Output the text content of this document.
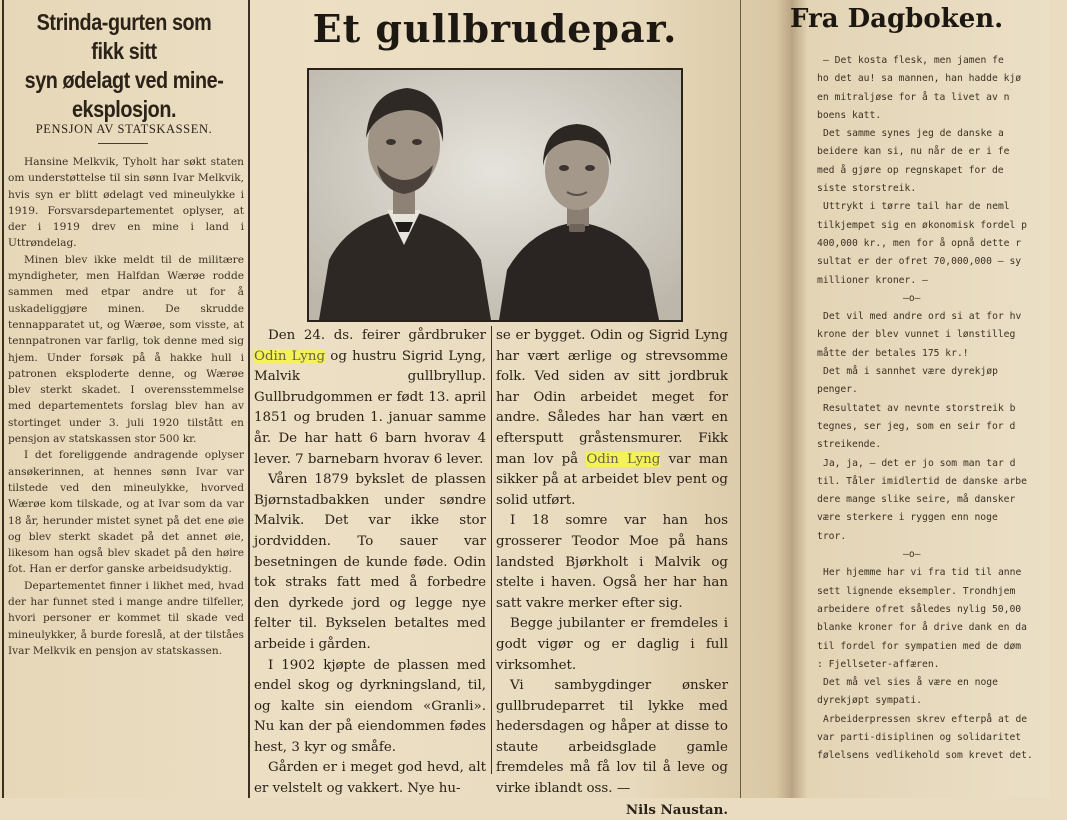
Strinda-gurten som fikk sitt
syn ødelagt ved mine-
eksplosjon.
PENSJON AV STATSKASSEN.

Hansine Melkvik, Tyholt har søkt staten om understøttelse til sin sønn Ivar Melkvik, hvis syn er blitt ødelagt ved mineulykke i 1919. Forsvarsdepartementet oplyser, at der i 1919 drev en mine i land i Uttrøndelag.

Minen blev ikke meldt til de militære myndigheter, men Halfdan Wærøe rodde sammen med etpar andre ut for å uskadeliggjøre minen. De skrudde tennapparatet ut, og Wærøe, som visste, at tennpatronen var farlig, tok denne med sig hjem. Under forsøk på å hakke hull i patronen eksploderte denne, og Wærøe blev sterkt skadet. I overensstemmelse med departementets forslag blev han av stortinget under 3. juli 1920 tilstått en pensjon av statskassen stor 500 kr.

I det foreliggende andragende oplyser ansøkerinnen, at hennes sønn Ivar var tilstede ved den mineulykke, hvorved Wærøe kom tilskade, og at Ivar som da var 18 år, herunder mistet synet på det ene øie og blev sterkt skadet på det annet øie, likesom han også blev skadet på den høire fot. Han er derfor ganske arbeidsudyktig.

Departementet finner i likhet med, hvad der har funnet sted i mange andre tilfeller, hvori personer er kommet til skade ved mineulykker, å burde foreslå, at der tilståes Ivar Melkvik en pensjon av statskassen.

Et gullbrudepar.

Den 24. ds. feirer gårdbruker Odin Lyng og hustru Sigrid Lyng, Malvik gullbryllup. Gullbrudgommen er født 13. april 1851 og bruden 1. januar samme år. De har hatt 6 barn hvorav 4 lever. 7 barnebarn hvorav 6 lever.

Våren 1879 bykslet de plassen Bjørnstadbakken under søndre Malvik. Det var ikke stor jordvidden. To sauer var besetningen de kunde føde. Odin tok straks fatt med å forbedre den dyrkede jord og legge nye felter til. Bykselen betaltes med arbeide i gården.

I 1902 kjøpte de plassen med endel skog og dyrkningsland, til, og kalte sin eiendom «Granli». Nu kan der på eiendommen fødes hest, 3 kyr og småfe.

Gården er i meget god hevd, alt er velstelt og vakkert. Nye hu-

se er bygget. Odin og Sigrid Lyng har vært ærlige og strevsomme folk. Ved siden av sitt jordbruk har Odin arbeidet meget for andre. Således har han vært en eftersputt gråstensmurer. Fikk man lov på Odin Lyng var man sikker på at arbeidet blev pent og solid utført.

I 18 somre var han hos grosserer Teodor Moe på hans landsted Bjørkholt i Malvik og stelte i haven. Også her har han satt vakre merker efter sig.

Begge jubilanter er fremdeles i godt vigør og er daglig i full virksomhet.

Vi sambygdinger ønsker gullbrudeparret til lykke med hedersdagen og håper at disse to staute arbeidsglade gamle fremdeles må få lov til å leve og virke iblandt oss. —

Nils Naustan.
Fra Dagboken.
— Det kosta flesk, men jamen fe
ho det au! sa mannen, han hadde kjø
en mitraljøse for å ta livet av n
boens katt.
Det samme synes jeg de danske a
beidere kan si, nu når de er i fe
med å gjøre op regnskapet for de
siste storstreik.
Uttrykt i tørre tail har de neml
tilkjempet sig en økonomisk fordel p
400,000 kr., men for å opnå dette r
sultat er der ofret 70,000,000 — sy
millioner kroner. —
—o—
Det vil med andre ord si at for hv
krone der blev vunnet i lønstilleg
måtte der betales 175 kr.!
Det må i sannhet være dyrekjøp
penger.
Resultatet av nevnte storstreik b
tegnes, ser jeg, som en seir for d
streikende.
Ja, ja, — det er jo som man tar d
til. Tåler imidlertid de danske arbe
dere mange slike seire, må dansker
være sterkere i ryggen enn noge
tror.
—o—
Her hjemme har vi fra tid til anne
sett lignende eksempler. Trondhjem
arbeidere ofret således nylig 50,00
blanke kroner for å drive dank en da
til fordel for sympatien med de døm
: Fjellseter-affæren.
Det må vel sies å være en noge
dyrekjøpt sympati.
Arbeiderpressen skrev efterpå at de
var parti-disiplinen og solidaritet
følelsens vedlikehold som krevet det.
